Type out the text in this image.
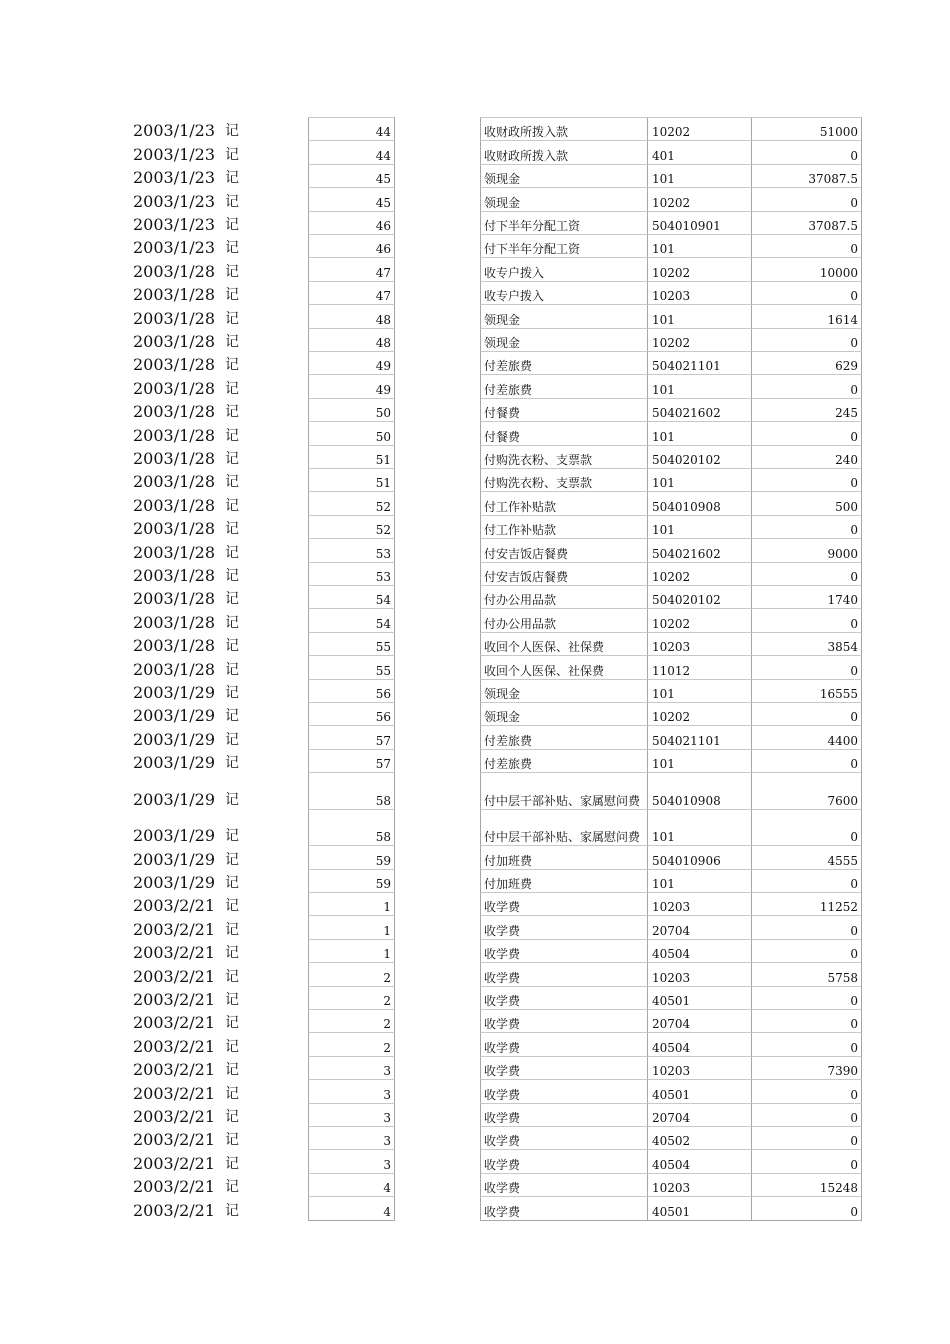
2003/1/23 记	44	收财政所拨入款	10202	51000
2003/1/23 记	44	收财政所拨入款	401	0
2003/1/23 记	45	领现金	101	37087.5
2003/1/23 记	45	领现金	10202	0
2003/1/23 记	46	付下半年分配工资	504010901	37087.5
2003/1/23 记	46	付下半年分配工资	101	0
2003/1/28 记	47	收专户拨入	10202	10000
2003/1/28 记	47	收专户拨入	10203	0
2003/1/28 记	48	领现金	101	1614
2003/1/28 记	48	领现金	10202	0
2003/1/28 记	49	付差旅费	504021101	629
2003/1/28 记	49	付差旅费	101	0
2003/1/28 记	50	付餐费	504021602	245
2003/1/28 记	50	付餐费	101	0
2003/1/28 记	51	付购洗衣粉、支票款	504020102	240
2003/1/28 记	51	付购洗衣粉、支票款	101	0
2003/1/28 记	52	付工作补贴款	504010908	500
2003/1/28 记	52	付工作补贴款	101	0
2003/1/28 记	53	付安吉饭店餐费	504021602	9000
2003/1/28 记	53	付安吉饭店餐费	10202	0
2003/1/28 记	54	付办公用品款	504020102	1740
2003/1/28 记	54	付办公用品款	10202	0
2003/1/28 记	55	收回个人医保、社保费	10203	3854
2003/1/28 记	55	收回个人医保、社保费	11012	0
2003/1/29 记	56	领现金	101	16555
2003/1/29 记	56	领现金	10202	0
2003/1/29 记	57	付差旅费	504021101	4400
2003/1/29 记	57	付差旅费	101	0
2003/1/29 记	58	付中层干部补贴、家属慰问费 504010908	7600
2003/1/29 记	58	付中层干部补贴、家属慰问费 101	0
2003/1/29 记	59	付加班费	504010906	4555
2003/1/29 记	59	付加班费	101	0
2003/2/21 记	1	收学费	10203	11252
2003/2/21 记	1	收学费	20704	0
2003/2/21 记	1	收学费	40504	0
2003/2/21 记	2	收学费	10203	5758
2003/2/21 记	2	收学费	40501	0
2003/2/21 记	2	收学费	20704	0
2003/2/21 记	2	收学费	40504	0
2003/2/21 记	3	收学费	10203	7390
2003/2/21 记	3	收学费	40501	0
2003/2/21 记	3	收学费	20704	0
2003/2/21 记	3	收学费	40502	0
2003/2/21 记	3	收学费	40504	0
2003/2/21 记	4	收学费	10203	15248
2003/2/21 记	4	收学费	40501	0
